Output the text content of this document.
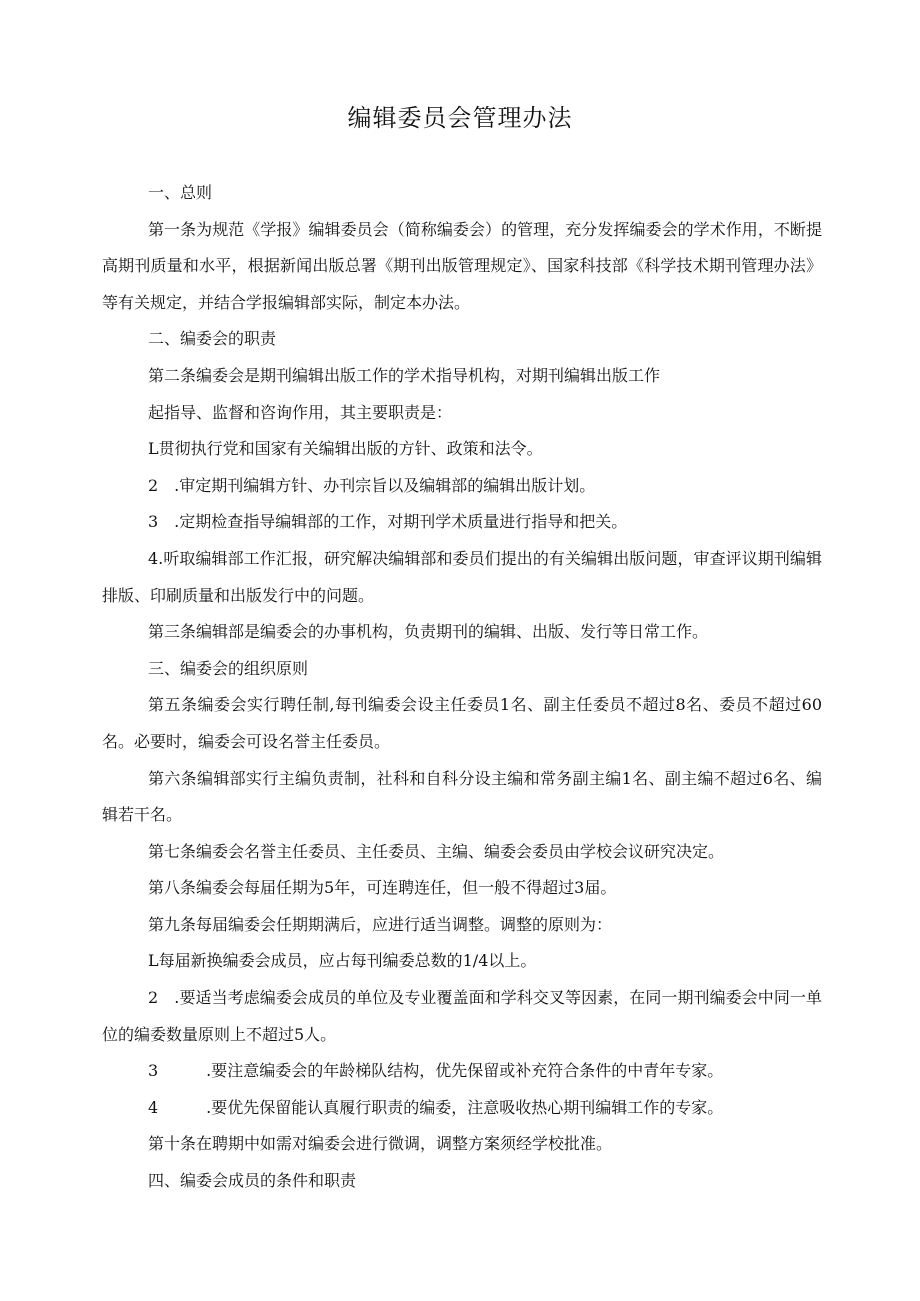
编辑委员会管理办法

一、总则

第一条为规范《学报》编辑委员会（简称编委会）的管理，充分发挥编委会的学术作用，不断提高期刊质量和水平，根据新闻出版总署《期刊出版管理规定》、国家科技部《科学技术期刊管理办法》等有关规定，并结合学报编辑部实际，制定本办法。

二、编委会的职责

第二条编委会是期刊编辑出版工作的学术指导机构，对期刊编辑出版工作

起指导、监督和咨询作用，其主要职责是：

L贯彻执行党和国家有关编辑出版的方针、政策和法令。

2　.审定期刊编辑方针、办刊宗旨以及编辑部的编辑出版计划。

3　.定期检查指导编辑部的工作，对期刊学术质量进行指导和把关。

4.听取编辑部工作汇报，研究解决编辑部和委员们提出的有关编辑出版问题，审查评议期刊编辑排版、印刷质量和出版发行中的问题。

第三条编辑部是编委会的办事机构，负责期刊的编辑、出版、发行等日常工作。

三、编委会的组织原则

第五条编委会实行聘任制,每刊编委会设主任委员1名、副主任委员不超过8名、委员不超过60名。必要时，编委会可设名誉主任委员。

第六条编辑部实行主编负责制，社科和自科分设主编和常务副主编1名、副主编不超过6名、编辑若干名。

第七条编委会名誉主任委员、主任委员、主编、编委会委员由学校会议研究决定。

第八条编委会每届任期为5年，可连聘连任，但一般不得超过3届。

第九条每届编委会任期期满后，应进行适当调整。调整的原则为：

L每届新换编委会成员，应占每刊编委总数的1/4以上。

2　.要适当考虑编委会成员的单位及专业覆盖面和学科交叉等因素，在同一期刊编委会中同一单位的编委数量原则上不超过5人。

3　　　.要注意编委会的年龄梯队结构，优先保留或补充符合条件的中青年专家。

4　　　.要优先保留能认真履行职责的编委，注意吸收热心期刊编辑工作的专家。

第十条在聘期中如需对编委会进行微调，调整方案须经学校批准。

四、编委会成员的条件和职责
